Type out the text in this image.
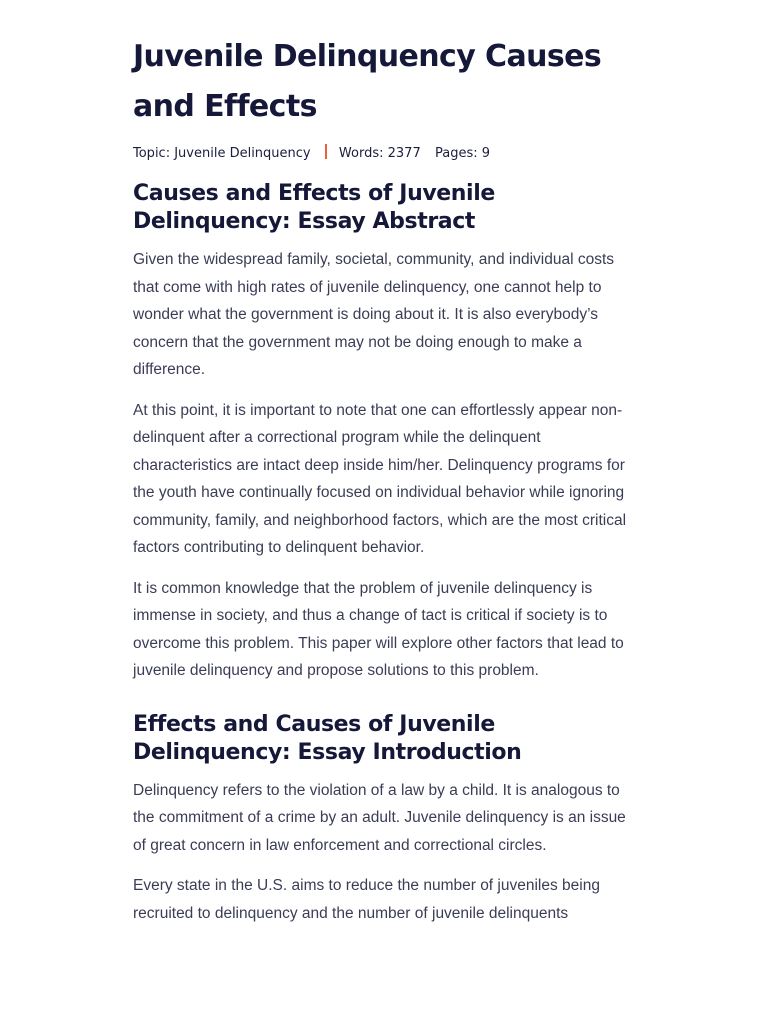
Juvenile Delinquency Causes and Effects
Topic: Juvenile Delinquency Words: 2377 Pages: 9
Causes and Effects of Juvenile Delinquency: Essay Abstract

Given the widespread family, societal, community, and individual costs that come with high rates of juvenile delinquency, one cannot help to wonder what the government is doing about it. It is also everybody’s concern that the government may not be doing enough to make a difference.

At this point, it is important to note that one can effortlessly appear non-delinquent after a correctional program while the delinquent characteristics are intact deep inside him/her. Delinquency programs for the youth have continually focused on individual behavior while ignoring community, family, and neighborhood factors, which are the most critical factors contributing to delinquent behavior.

It is common knowledge that the problem of juvenile delinquency is immense in society, and thus a change of tact is critical if society is to overcome this problem. This paper will explore other factors that lead to juvenile delinquency and propose solutions to this problem.

Effects and Causes of Juvenile Delinquency: Essay Introduction

Delinquency refers to the violation of a law by a child. It is analogous to the commitment of a crime by an adult. Juvenile delinquency is an issue of great concern in law enforcement and correctional circles.

Every state in the U.S. aims to reduce the number of juveniles being recruited to delinquency and the number of juvenile delinquents
